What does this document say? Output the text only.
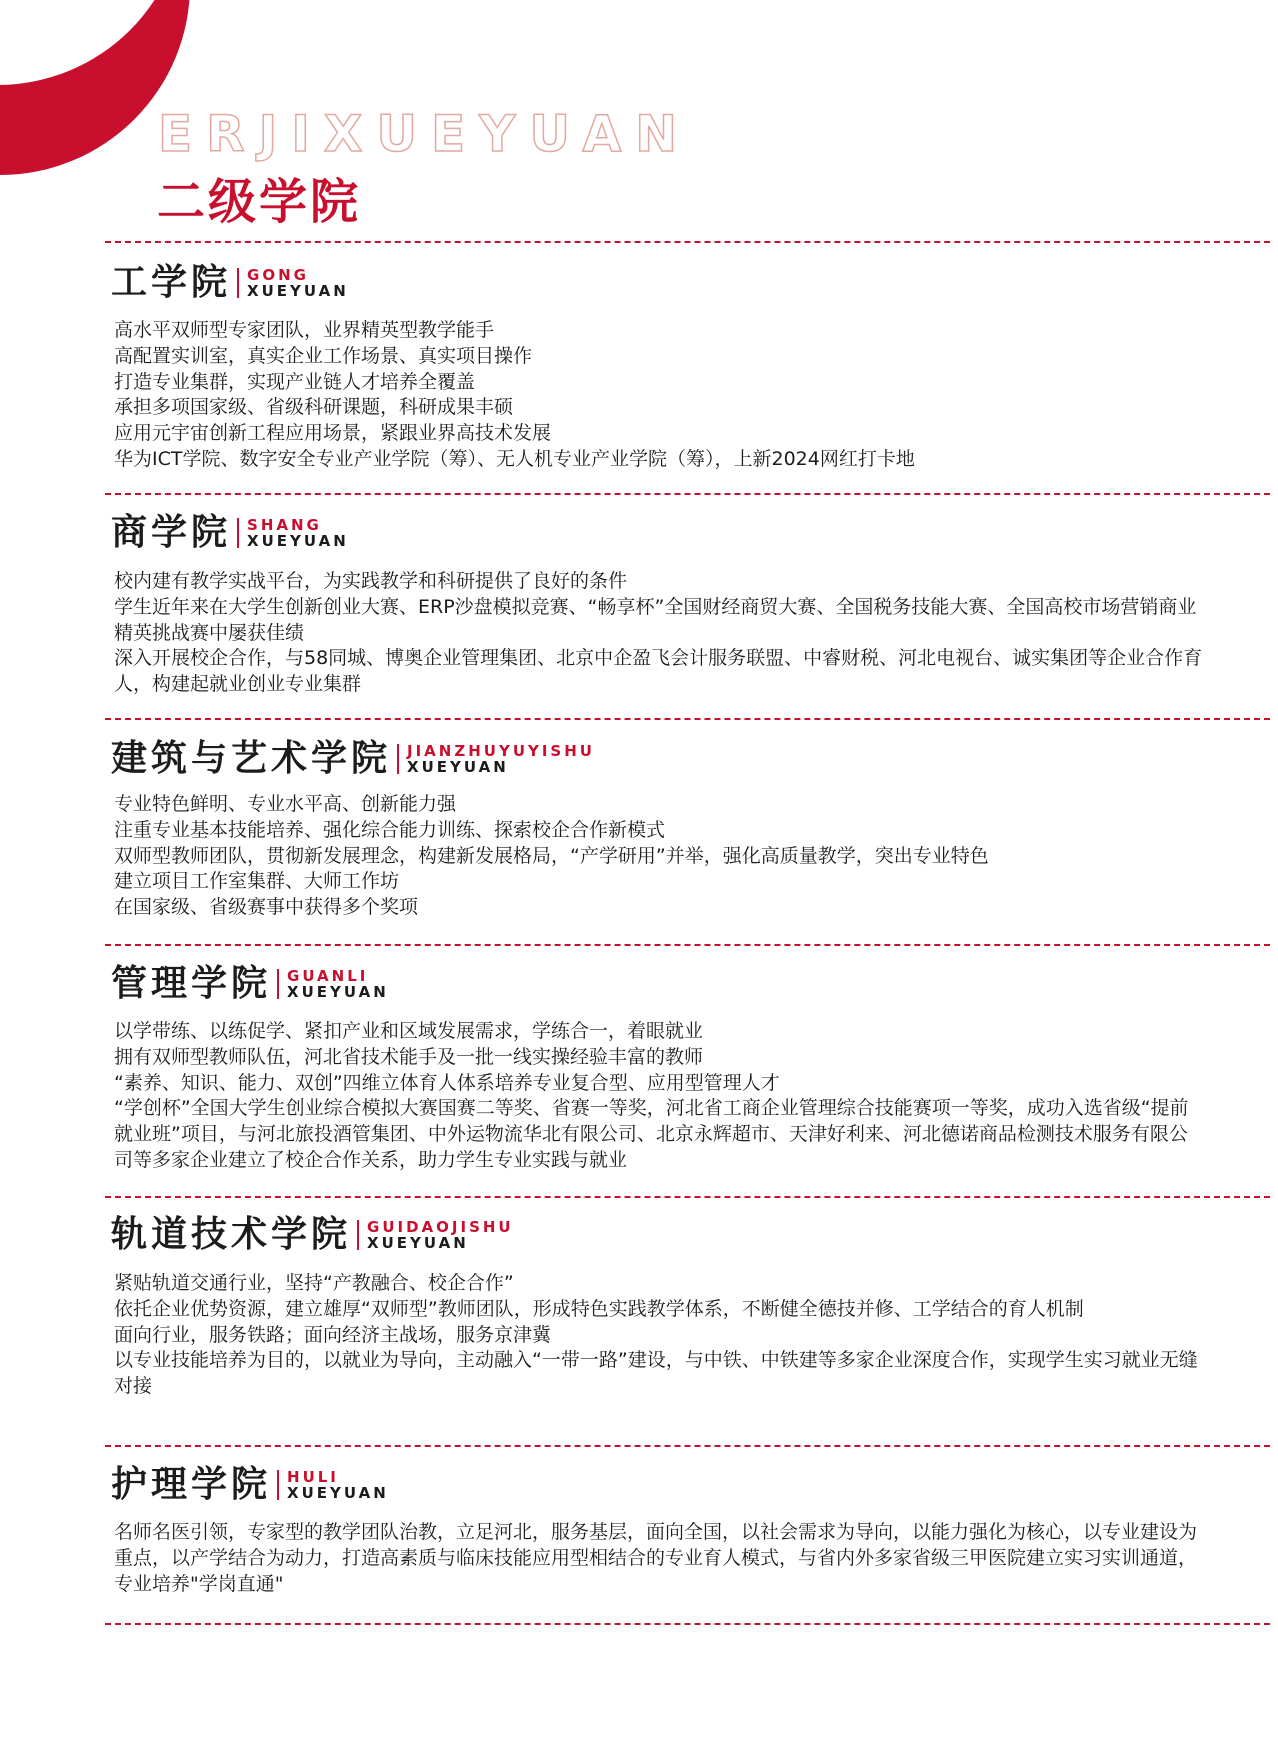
ERJIXUEYUAN
二级学院
工学院 GONG
XUEYUAN
高水平双师型专家团队，业界精英型教学能手
高配置实训室，真实企业工作场景、真实项目操作
打造专业集群，实现产业链人才培养全覆盖
承担多项国家级、省级科研课题，科研成果丰硕
应用元宇宙创新工程应用场景，紧跟业界高技术发展
华为ICT学院、数字安全专业产业学院（筹）、无人机专业产业学院（筹），上新2024网红打卡地
商学院 SHANG
XUEYUAN
校内建有教学实战平台，为实践教学和科研提供了良好的条件
学生近年来在大学生创新创业大赛、ERP沙盘模拟竞赛、“畅享杯”全国财经商贸大赛、全国税务技能大赛、全国高校市场营销商业精英挑战赛中屡获佳绩
深入开展校企合作，与58同城、博奥企业管理集团、北京中企盈飞会计服务联盟、中睿财税、河北电视台、诚实集团等企业合作育人，构建起就业创业专业集群
建筑与艺术学院 JIANZHUYUYISHU
XUEYUAN
专业特色鲜明、专业水平高、创新能力强
注重专业基本技能培养、强化综合能力训练、探索校企合作新模式
双师型教师团队，贯彻新发展理念，构建新发展格局，“产学研用”并举，强化高质量教学，突出专业特色
建立项目工作室集群、大师工作坊
在国家级、省级赛事中获得多个奖项
管理学院 GUANLI
XUEYUAN
以学带练、以练促学、紧扣产业和区域发展需求，学练合一，着眼就业
拥有双师型教师队伍，河北省技术能手及一批一线实操经验丰富的教师
“素养、知识、能力、双创”四维立体育人体系培养专业复合型、应用型管理人才
“学创杯”全国大学生创业综合模拟大赛国赛二等奖、省赛一等奖，河北省工商企业管理综合技能赛项一等奖，成功入选省级“提前就业班”项目，与河北旅投酒管集团、中外运物流华北有限公司、北京永辉超市、天津好利来、河北德诺商品检测技术服务有限公司等多家企业建立了校企合作关系，助力学生专业实践与就业
轨道技术学院 GUIDAOJISHU
XUEYUAN
紧贴轨道交通行业，坚持“产教融合、校企合作”
依托企业优势资源，建立雄厚“双师型”教师团队，形成特色实践教学体系，不断健全德技并修、工学结合的育人机制
面向行业，服务铁路；面向经济主战场，服务京津冀
以专业技能培养为目的，以就业为导向，主动融入“一带一路”建设，与中铁、中铁建等多家企业深度合作，实现学生实习就业无缝对接
护理学院 HULI
XUEYUAN
名师名医引领，专家型的教学团队治教，立足河北，服务基层，面向全国，以社会需求为导向，以能力强化为核心，以专业建设为重点，以产学结合为动力，打造高素质与临床技能应用型相结合的专业育人模式，与省内外多家省级三甲医院建立实习实训通道，专业培养"学岗直通"
